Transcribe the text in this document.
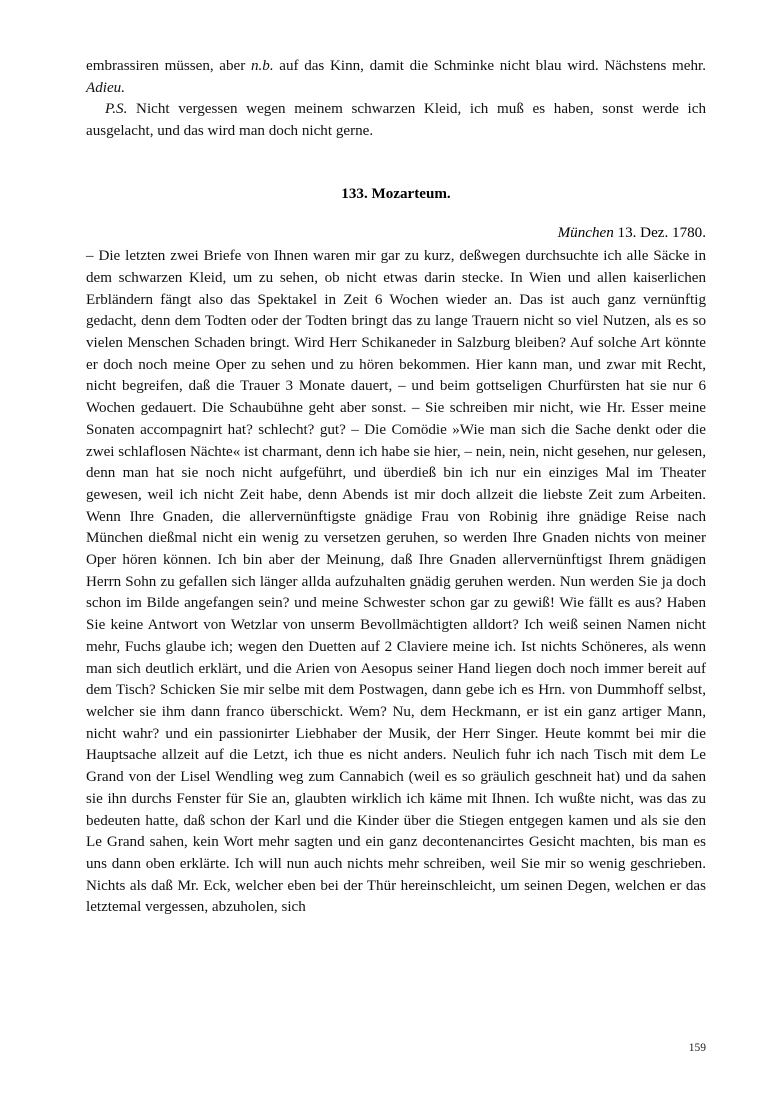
embrassiren müssen, aber n.b. auf das Kinn, damit die Schminke nicht blau wird. Nächstens mehr. Adieu.

P.S. Nicht vergessen wegen meinem schwarzen Kleid, ich muß es haben, sonst werde ich ausgelacht, und das wird man doch nicht gerne.

133. Mozarteum.

München 13. Dez. 1780.

– Die letzten zwei Briefe von Ihnen waren mir gar zu kurz, deßwegen durchsuchte ich alle Säcke in dem schwarzen Kleid, um zu sehen, ob nicht etwas darin stecke. In Wien und allen kaiserlichen Erbländern fängt also das Spektakel in Zeit 6 Wochen wieder an. Das ist auch ganz vernünftig gedacht, denn dem Todten oder der Todten bringt das zu lange Trauern nicht so viel Nutzen, als es so vielen Menschen Schaden bringt. Wird Herr Schikaneder in Salzburg bleiben? Auf solche Art könnte er doch noch meine Oper zu sehen und zu hören bekommen. Hier kann man, und zwar mit Recht, nicht begreifen, daß die Trauer 3 Monate dauert, – und beim gottseligen Churfürsten hat sie nur 6 Wochen gedauert. Die Schaubühne geht aber sonst. – Sie schreiben mir nicht, wie Hr. Esser meine Sonaten accompagnirt hat? schlecht? gut? – Die Comödie »Wie man sich die Sache denkt oder die zwei schlaflosen Nächte« ist charmant, denn ich habe sie hier, – nein, nein, nicht gesehen, nur gelesen, denn man hat sie noch nicht aufgeführt, und überdieß bin ich nur ein einziges Mal im Theater gewesen, weil ich nicht Zeit habe, denn Abends ist mir doch allzeit die liebste Zeit zum Arbeiten. Wenn Ihre Gnaden, die allervernünftigste gnädige Frau von Robinig ihre gnädige Reise nach München dießmal nicht ein wenig zu versetzen geruhen, so werden Ihre Gnaden nichts von meiner Oper hören können. Ich bin aber der Meinung, daß Ihre Gnaden allervernünftigst Ihrem gnädigen Herrn Sohn zu gefallen sich länger allda aufzuhalten gnädig geruhen werden. Nun werden Sie ja doch schon im Bilde angefangen sein? und meine Schwester schon gar zu gewiß! Wie fällt es aus? Haben Sie keine Antwort von Wetzlar von unserm Bevollmächtigten alldort? Ich weiß seinen Namen nicht mehr, Fuchs glaube ich; wegen den Duetten auf 2 Claviere meine ich. Ist nichts Schöneres, als wenn man sich deutlich erklärt, und die Arien von Aesopus seiner Hand liegen doch noch immer bereit auf dem Tisch? Schicken Sie mir selbe mit dem Postwagen, dann gebe ich es Hrn. von Dummhoff selbst, welcher sie ihm dann franco überschickt. Wem? Nu, dem Heckmann, er ist ein ganz artiger Mann, nicht wahr? und ein passionirter Liebhaber der Musik, der Herr Singer. Heute kommt bei mir die Hauptsache allzeit auf die Letzt, ich thue es nicht anders. Neulich fuhr ich nach Tisch mit dem Le Grand von der Lisel Wendling weg zum Cannabich (weil es so gräulich geschneit hat) und da sahen sie ihn durchs Fenster für Sie an, glaubten wirklich ich käme mit Ihnen. Ich wußte nicht, was das zu bedeuten hatte, daß schon der Karl und die Kinder über die Stiegen entgegen kamen und als sie den Le Grand sahen, kein Wort mehr sagten und ein ganz decontenancirtes Gesicht machten, bis man es uns dann oben erklärte. Ich will nun auch nichts mehr schreiben, weil Sie mir so wenig geschrieben. Nichts als daß Mr. Eck, welcher eben bei der Thür hereinschleicht, um seinen Degen, welchen er das letztemal vergessen, abzuholen, sich

159
